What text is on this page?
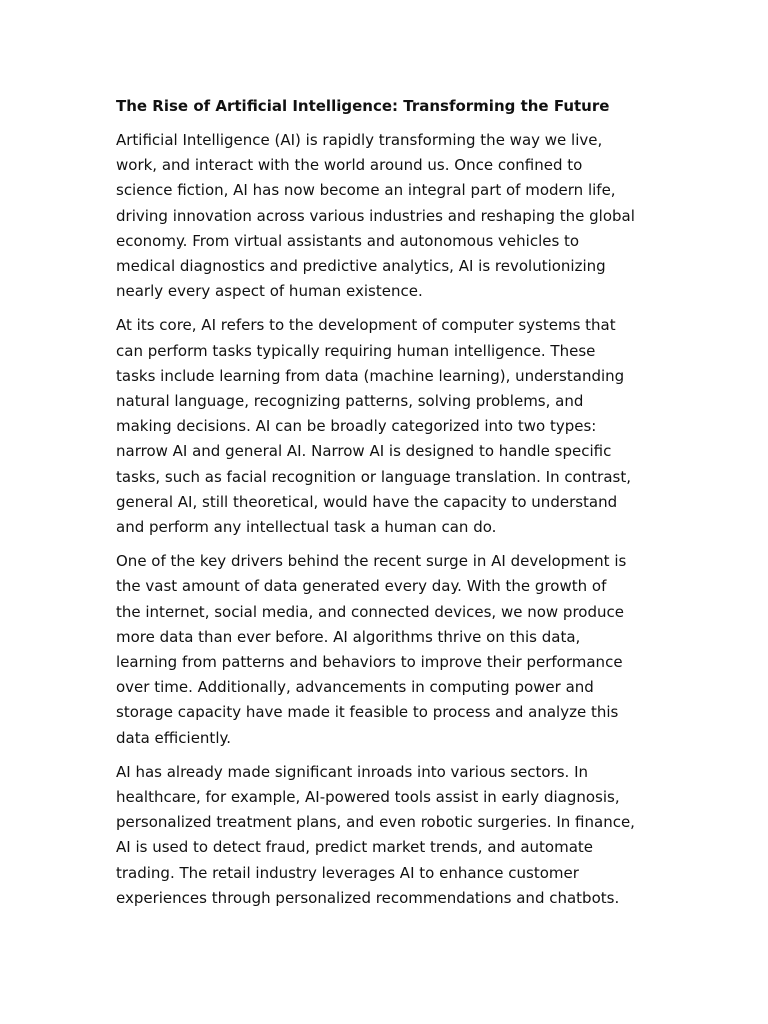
The Rise of Artificial Intelligence: Transforming the Future

Artificial Intelligence (AI) is rapidly transforming the way we live,
work, and interact with the world around us. Once confined to
science fiction, AI has now become an integral part of modern life,
driving innovation across various industries and reshaping the global
economy. From virtual assistants and autonomous vehicles to
medical diagnostics and predictive analytics, AI is revolutionizing
nearly every aspect of human existence.

At its core, AI refers to the development of computer systems that
can perform tasks typically requiring human intelligence. These
tasks include learning from data (machine learning), understanding
natural language, recognizing patterns, solving problems, and
making decisions. AI can be broadly categorized into two types:
narrow AI and general AI. Narrow AI is designed to handle specific
tasks, such as facial recognition or language translation. In contrast,
general AI, still theoretical, would have the capacity to understand
and perform any intellectual task a human can do.

One of the key drivers behind the recent surge in AI development is
the vast amount of data generated every day. With the growth of
the internet, social media, and connected devices, we now produce
more data than ever before. AI algorithms thrive on this data,
learning from patterns and behaviors to improve their performance
over time. Additionally, advancements in computing power and
storage capacity have made it feasible to process and analyze this
data efficiently.

AI has already made significant inroads into various sectors. In
healthcare, for example, AI-powered tools assist in early diagnosis,
personalized treatment plans, and even robotic surgeries. In finance,
AI is used to detect fraud, predict market trends, and automate
trading. The retail industry leverages AI to enhance customer
experiences through personalized recommendations and chatbots.
